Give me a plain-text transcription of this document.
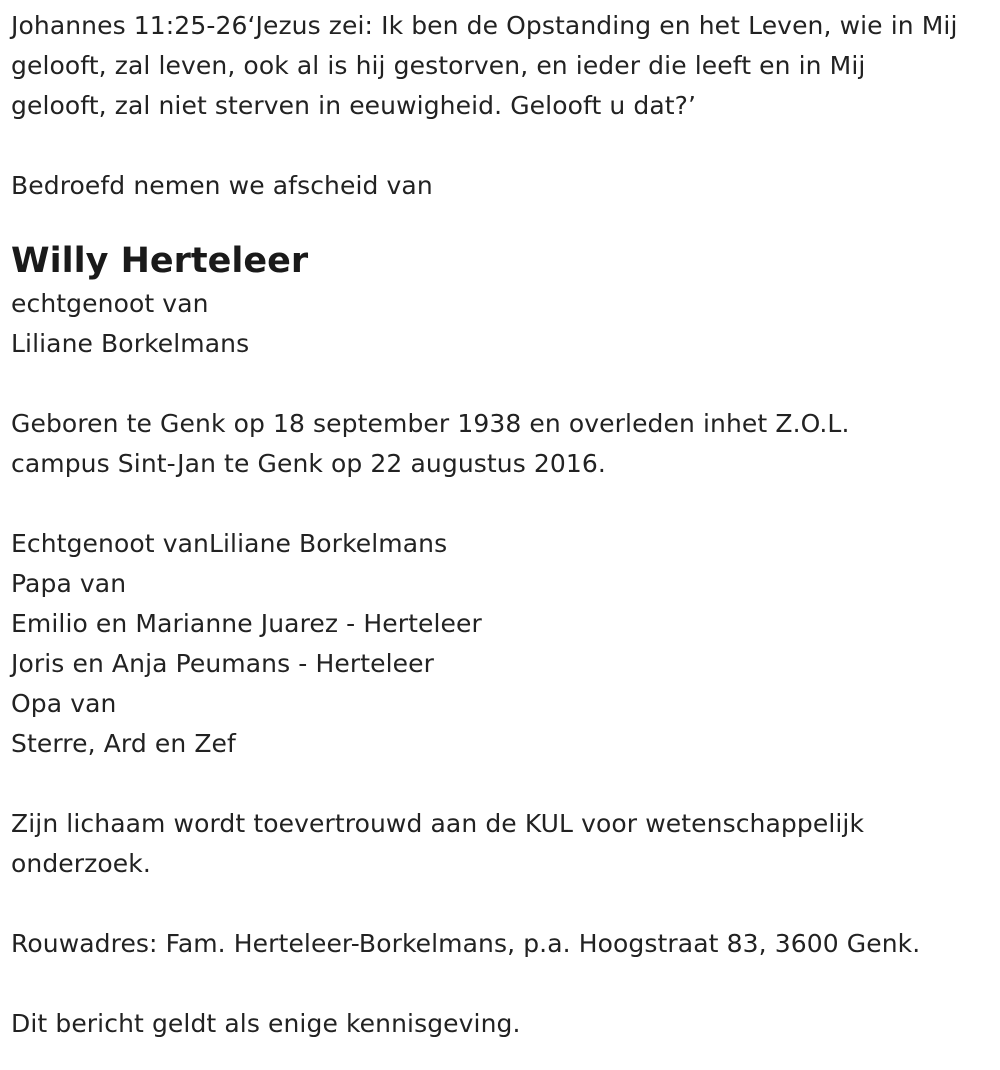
Johannes 11:25-26‘Jezus zei: Ik ben de Opstanding en het Leven, wie in Mij
gelooft, zal leven, ook al is hij gestorven, en ieder die leeft en in Mij
gelooft, zal niet sterven in eeuwigheid. Gelooft u dat?’
Bedroefd nemen we afscheid van
Willy Herteleer
echtgenoot van
Liliane Borkelmans
Geboren te Genk op 18 september 1938 en overleden inhet Z.O.L.
campus Sint-Jan te Genk op 22 augustus 2016.
Echtgenoot vanLiliane Borkelmans
Papa van
Emilio en Marianne Juarez - Herteleer
Joris en Anja Peumans - Herteleer
Opa van
Sterre, Ard en Zef
Zijn lichaam wordt toevertrouwd aan de KUL voor wetenschappelijk
onderzoek.
Rouwadres: Fam. Herteleer-Borkelmans, p.a. Hoogstraat 83, 3600 Genk.
Dit bericht geldt als enige kennisgeving.
